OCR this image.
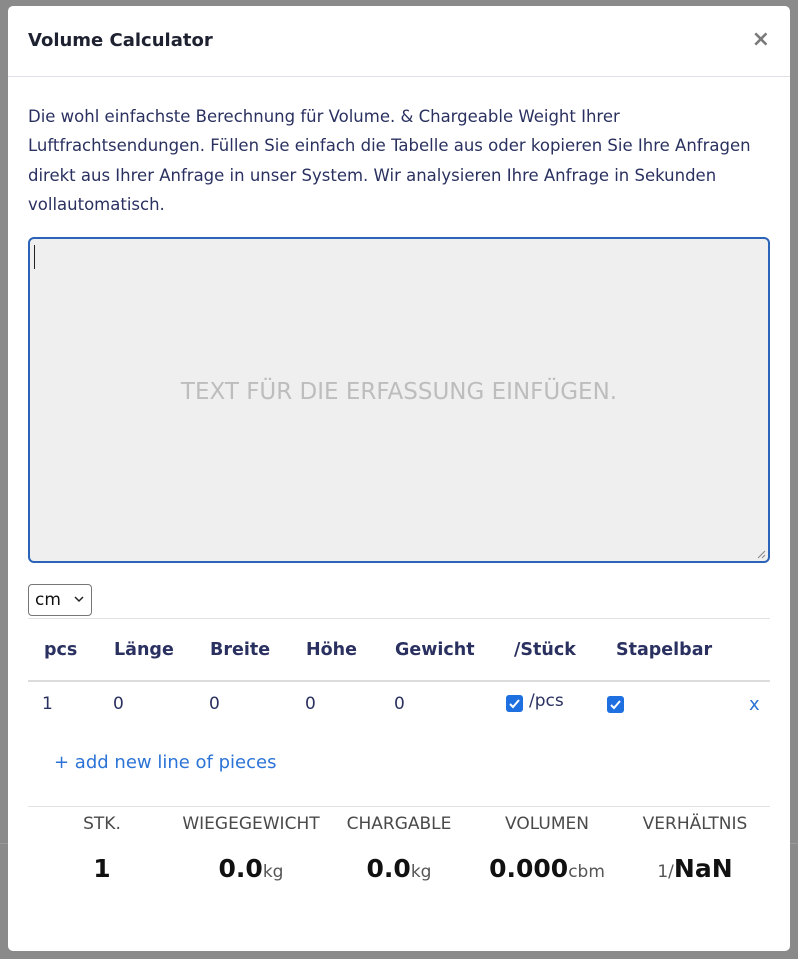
Volume Calculator	×

Die wohl einfachste Berechnung für Volume. & Chargeable Weight Ihrer Luftfrachtsendungen. Füllen Sie einfach die Tabelle aus oder kopieren Sie Ihre Anfragen direkt aus Ihrer Anfrage in unser System. Wir analysieren Ihre Anfrage in Sekunden vollautomatisch.

TEXT FÜR DIE ERFASSUNG EINFÜGEN.
cm
pcs Länge Breite Höhe Gewicht /Stück Stapelbar
1	0	0	0	0	/pcs	x
+ add new line of pieces
STK.	WIEGEGEWICHT	CHARGABLE	VOLUMEN	VERHÄLTNIS
1	0.0kg	0.0kg	0.000cbm	1/NaN
